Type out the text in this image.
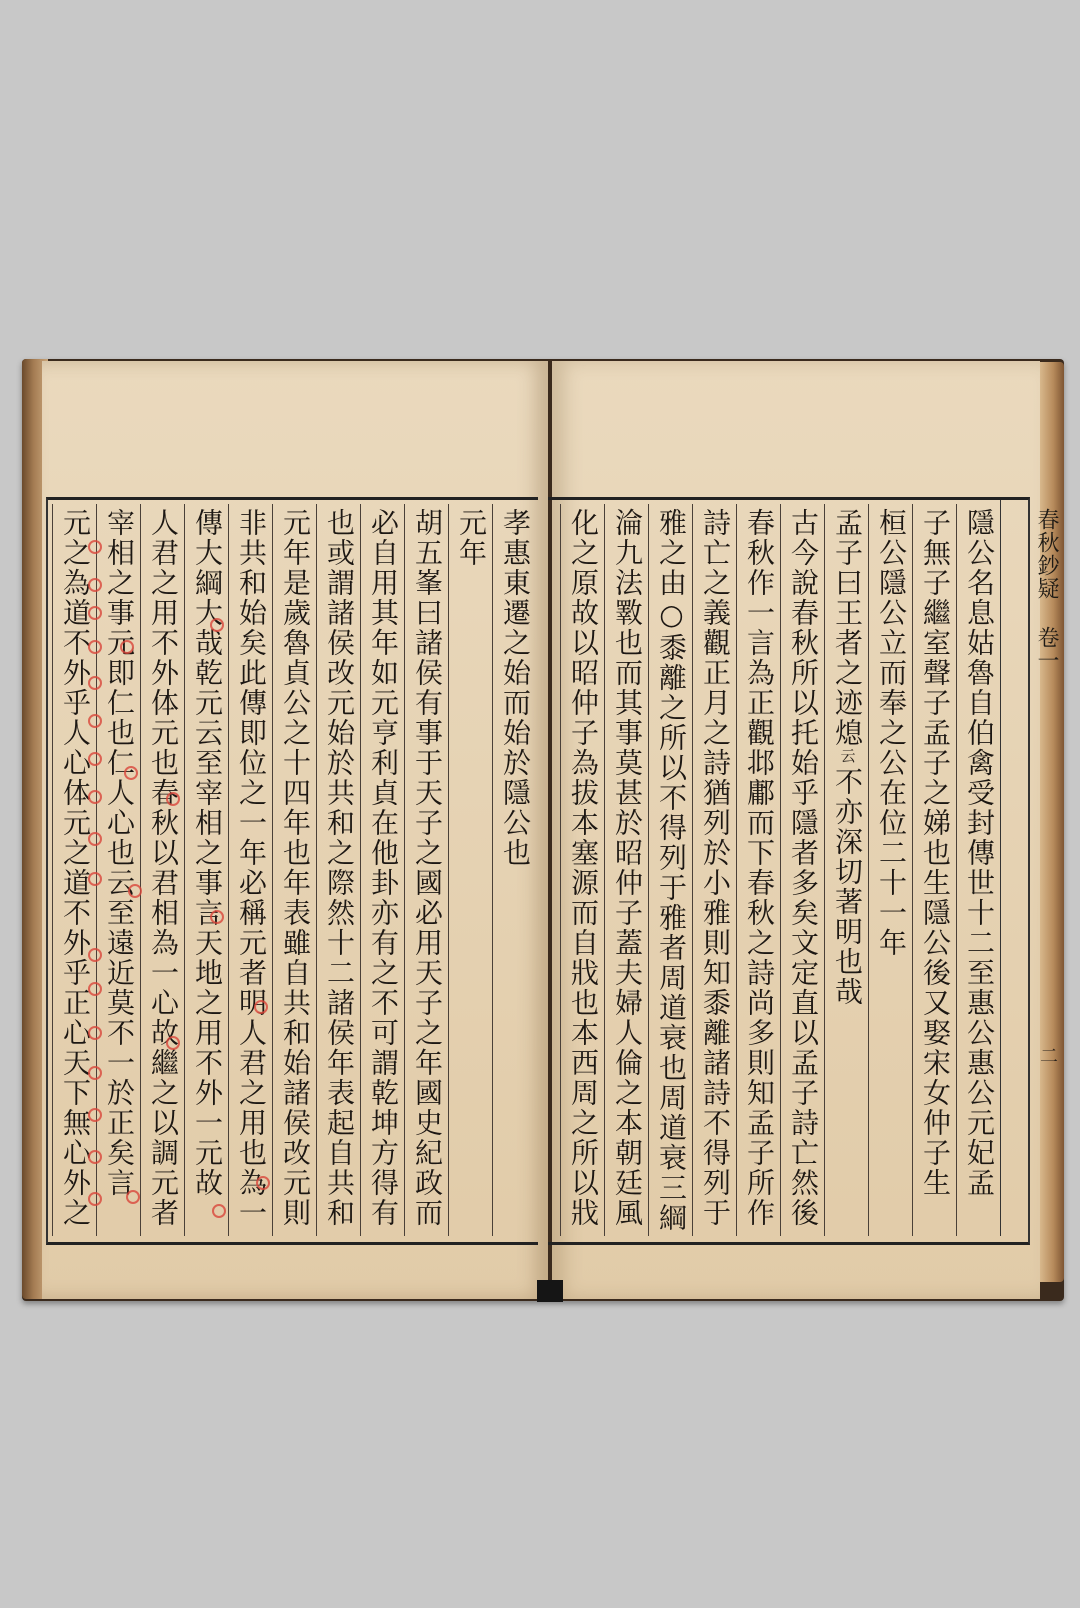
春秋鈔疑 卷一
二
隱公名息姑魯自伯禽受封傳世十二至惠公惠公元妃孟
子無子繼室聲子孟子之娣也生隱公後又娶宋女仲子生
桓公隱公立而奉之公在位二十一年
孟子曰王者之迹熄
云
不亦深切著明也哉
古今說春秋所以托始乎隱者多矣文定直以孟子詩亡然後
春秋作一言為正觀邶鄘而下春秋之詩尚多則知孟子所作
詩亡之義觀正月之詩猶列於小雅則知黍離諸詩不得列于
雅之由○黍離之所以不得列于雅者周道衰也周道衰三綱
淪九法斁也而其事莫甚於昭仲子蓋夫婦人倫之本朝廷風
化之原故以昭仲子為拔本塞源而自戕也本西周之所以戕
孝惠東遷之始而始於隱公也
元年
胡五峯曰諸侯有事于天子之國必用天子之年國史紀政而
必自用其年如元亨利貞在他卦亦有之不可謂乾坤方得有
也或謂諸侯改元始於共和之際然十二諸侯年表起自共和
元年是歲魯貞公之十四年也年表雖自共和始諸侯改元則
非共和始矣此傳即位之一年必稱元者明人君之用也為一
傳大綱大哉乾元云至宰相之事言天地之用不外一元故
人君之用不外体元也春秋以君相為一心故繼之以調元者
宰相之事元即仁也仁人心也云至遠近莫不一於正矣言
元之為道不外乎人心体元之道不外乎正心天下無心外之
